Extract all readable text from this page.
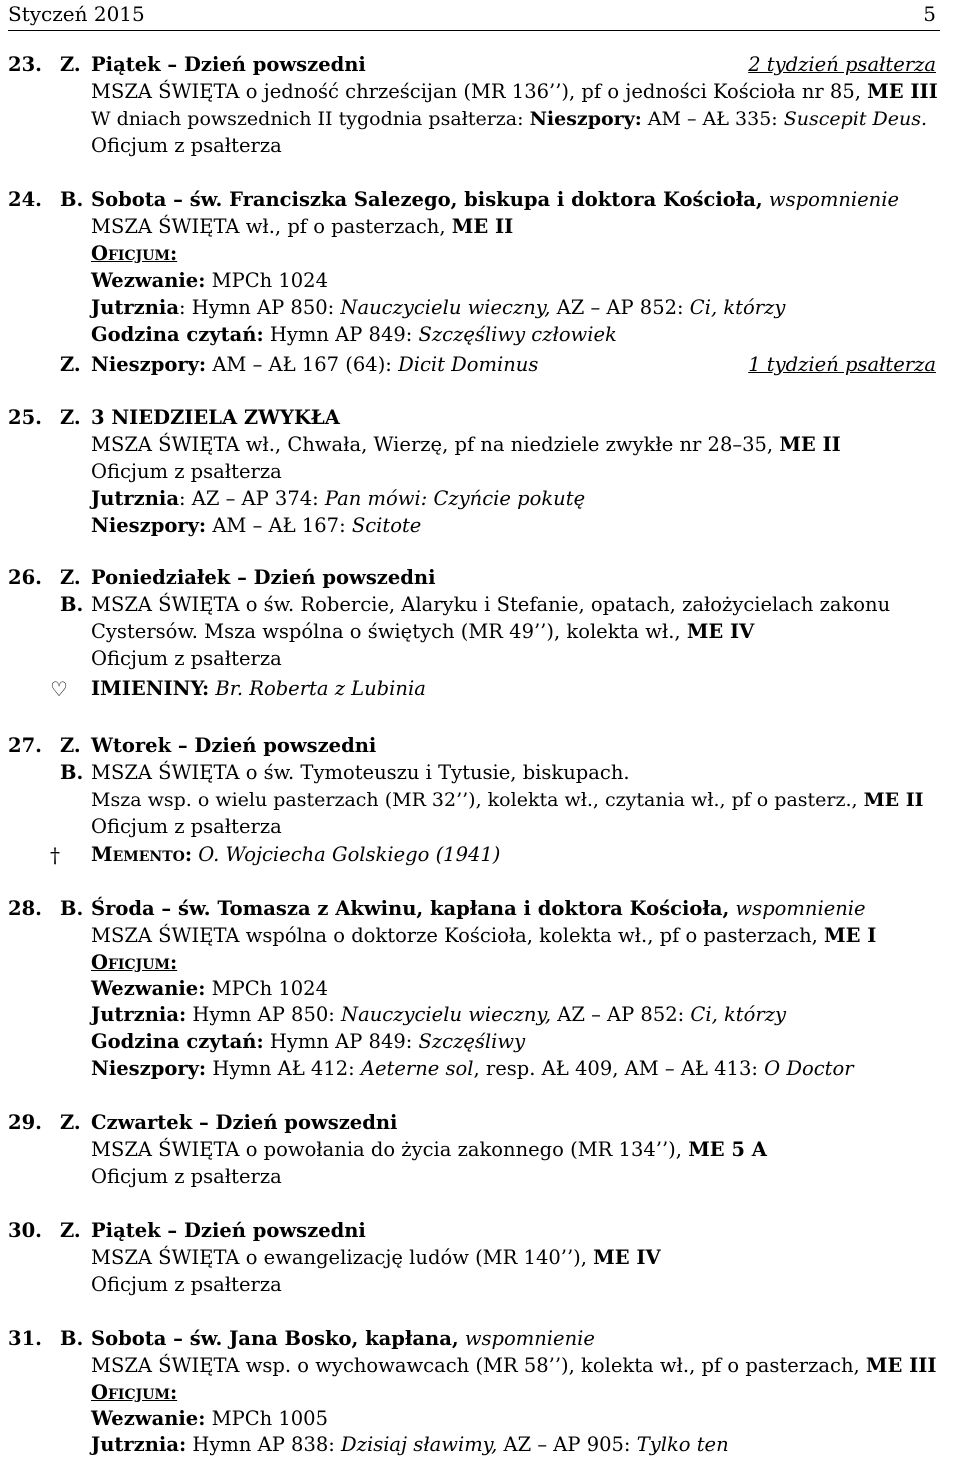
Styczeń 2015	5
23. Z. Piątek – Dzień powszedni	2 tydzień psałterza
MSZA ŚWIĘTA o jedność chrześcijan (MR 136’’), pf o jedności Kościoła nr 85, ME III
W dniach powszednich II tygodnia psałterza: Nieszpory: AM – AŁ 335: Suscepit Deus.
Oficjum z psałterza
24. B. Sobota – św. Franciszka Salezego, biskupa i doktora Kościoła, wspomnienie
MSZA ŚWIĘTA wł., pf o pasterzach, ME II
Oficjum:
Wezwanie: MPCh 1024
Jutrznia: Hymn AP 850: Nauczycielu wieczny, AZ – AP 852: Ci, którzy
Godzina czytań: Hymn AP 849: Szczęśliwy człowiek
Z. Nieszpory: AM – AŁ 167 (64): Dicit Dominus	1 tydzień psałterza
25. Z. 3 NIEDZIELA ZWYKŁA
MSZA ŚWIĘTA wł., Chwała, Wierzę, pf na niedziele zwykłe nr 28–35, ME II
Oficjum z psałterza
Jutrznia: AZ – AP 374: Pan mówi: Czyńcie pokutę
Nieszpory: AM – AŁ 167: Scitote
26. Z. Poniedziałek – Dzień powszedni
B. MSZA ŚWIĘTA o św. Robercie, Alaryku i Stefanie, opatach, założycielach zakonu
Cystersów. Msza wspólna o świętych (MR 49’’), kolekta wł., ME IV
Oficjum z psałterza
♡ IMIENINY: Br. Roberta z Lubinia
27. Z. Wtorek – Dzień powszedni
B. MSZA ŚWIĘTA o św. Tymoteuszu i Tytusie, biskupach.
Msza wsp. o wielu pasterzach (MR 32’’), kolekta wł., czytania wł., pf o pasterz., ME II
Oficjum z psałterza
† Memento: O. Wojciecha Golskiego (1941)
28. B. Środa – św. Tomasza z Akwinu, kapłana i doktora Kościoła, wspomnienie
MSZA ŚWIĘTA wspólna o doktorze Kościoła, kolekta wł., pf o pasterzach, ME I
Oficjum:
Wezwanie: MPCh 1024
Jutrznia: Hymn AP 850: Nauczycielu wieczny, AZ – AP 852: Ci, którzy
Godzina czytań: Hymn AP 849: Szczęśliwy
Nieszpory: Hymn AŁ 412: Aeterne sol, resp. AŁ 409, AM – AŁ 413: O Doctor
29. Z. Czwartek – Dzień powszedni
MSZA ŚWIĘTA o powołania do życia zakonnego (MR 134’’), ME 5 A
Oficjum z psałterza
30. Z. Piątek – Dzień powszedni
MSZA ŚWIĘTA o ewangelizację ludów (MR 140’’), ME IV
Oficjum z psałterza
31. B. Sobota – św. Jana Bosko, kapłana, wspomnienie
MSZA ŚWIĘTA wsp. o wychowawcach (MR 58’’), kolekta wł., pf o pasterzach, ME III
Oficjum:
Wezwanie: MPCh 1005
Jutrznia: Hymn AP 838: Dzisiaj sławimy, AZ – AP 905: Tylko ten
